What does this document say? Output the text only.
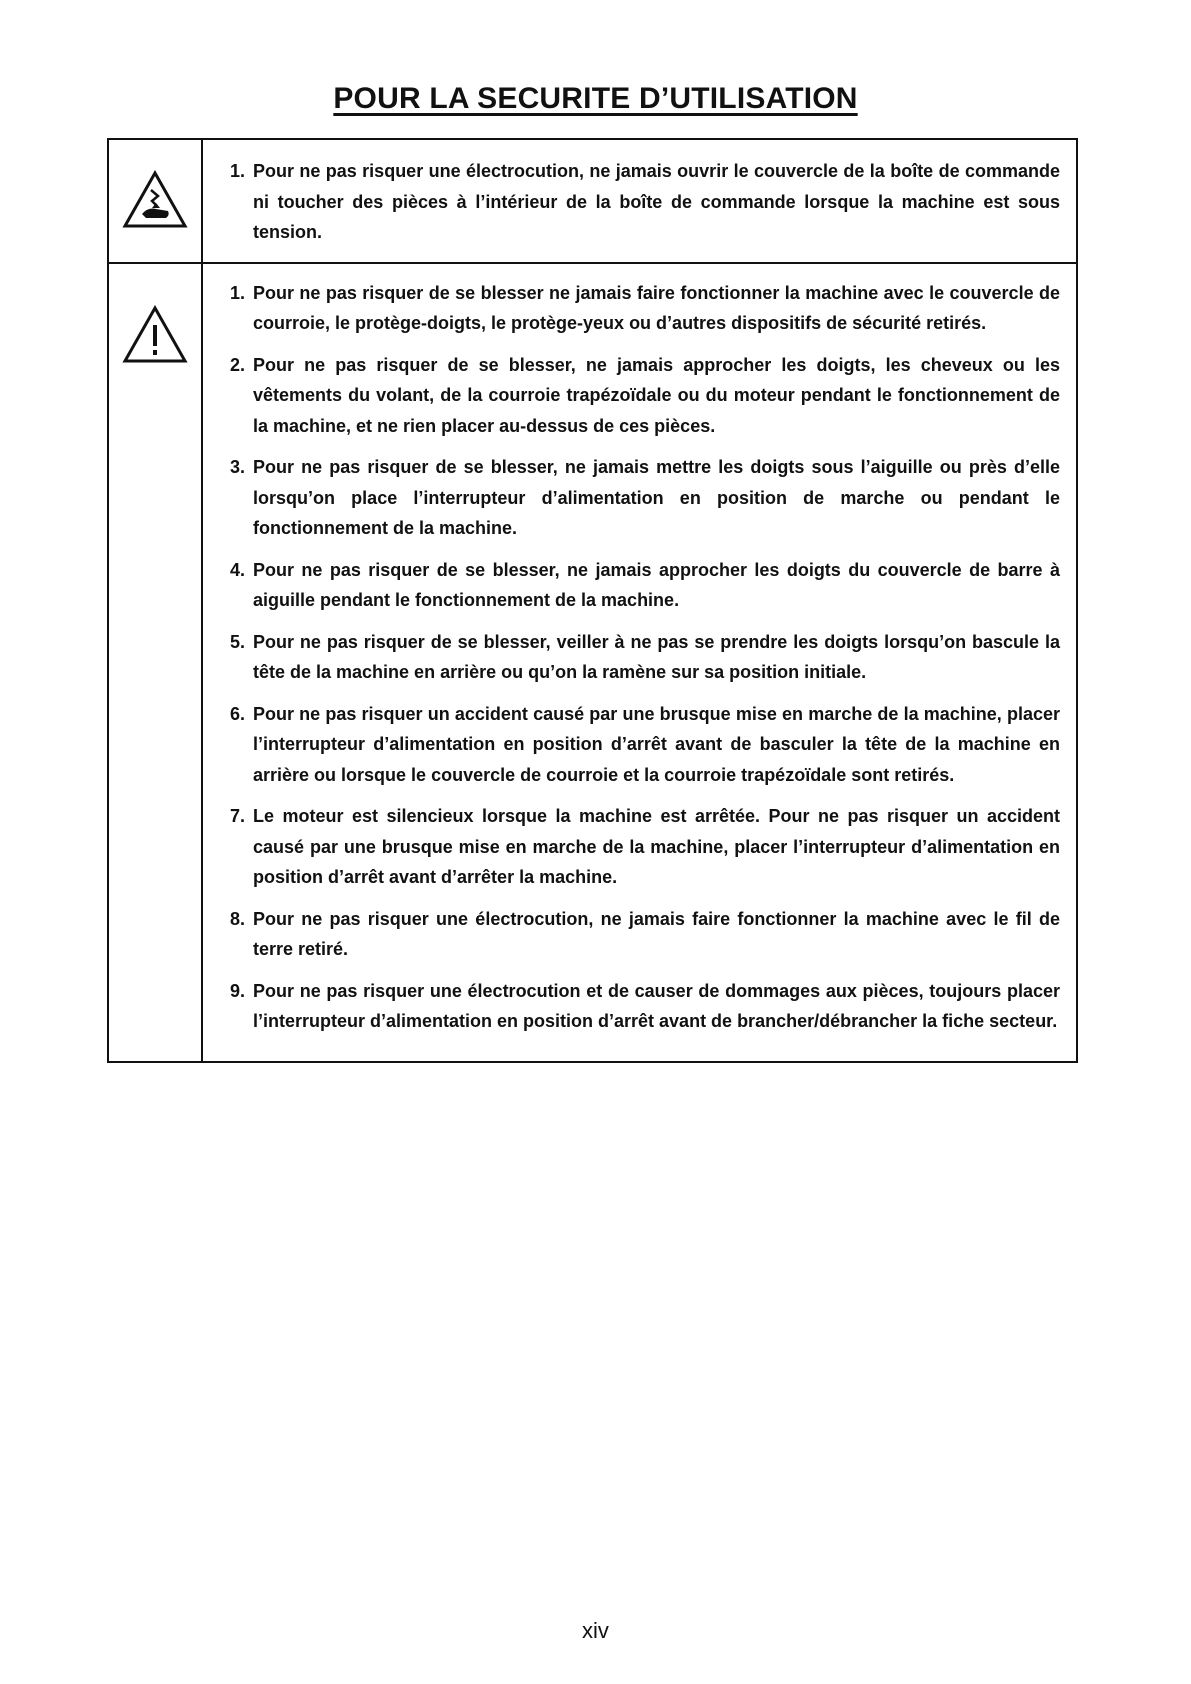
POUR LA SECURITE D’UTILISATION
1. Pour ne pas risquer une électrocution, ne jamais ouvrir le couvercle de la boîte de commande ni toucher des pièces à l’intérieur de la boîte de commande lorsque la machine est sous tension.
1. Pour ne pas risquer de se blesser ne jamais faire fonctionner la machine avec le couvercle de courroie, le protège-doigts, le protège-yeux ou d’autres dispositifs de sécurité retirés.
2. Pour ne pas risquer de se blesser, ne jamais approcher les doigts, les cheveux ou les vêtements du volant, de la courroie trapézoïdale ou du moteur pendant le fonctionnement de la machine, et ne rien placer au-dessus de ces pièces.
3. Pour ne pas risquer de se blesser, ne jamais mettre les doigts sous l’aiguille ou près d’elle lorsqu’on place l’interrupteur d’alimentation en position de marche ou pendant le fonctionnement de la machine.
4. Pour ne pas risquer de se blesser, ne jamais approcher les doigts du couvercle de barre à aiguille pendant le fonctionnement de la machine.
5. Pour ne pas risquer de se blesser, veiller à ne pas se prendre les doigts lorsqu’on bascule la tête de la machine en arrière ou qu’on la ramène sur sa position initiale.
6. Pour ne pas risquer un accident causé par une brusque mise en marche de la machine, placer l’interrupteur d’alimentation en position d’arrêt avant de basculer la tête de la machine en arrière ou lorsque le couvercle de courroie et la courroie trapézoïdale sont retirés.
7. Le moteur est silencieux lorsque la machine est arrêtée. Pour ne pas risquer un accident causé par une brusque mise en marche de la machine, placer l’interrupteur d’alimentation en position d’arrêt avant d’arrêter la machine.
8. Pour ne pas risquer une électrocution, ne jamais faire fonctionner la machine avec le fil de terre retiré.
9. Pour ne pas risquer une électrocution et de causer de dommages aux pièces, toujours placer l’interrupteur d’alimentation en position d’arrêt avant de brancher/débrancher la fiche secteur.
xiv
